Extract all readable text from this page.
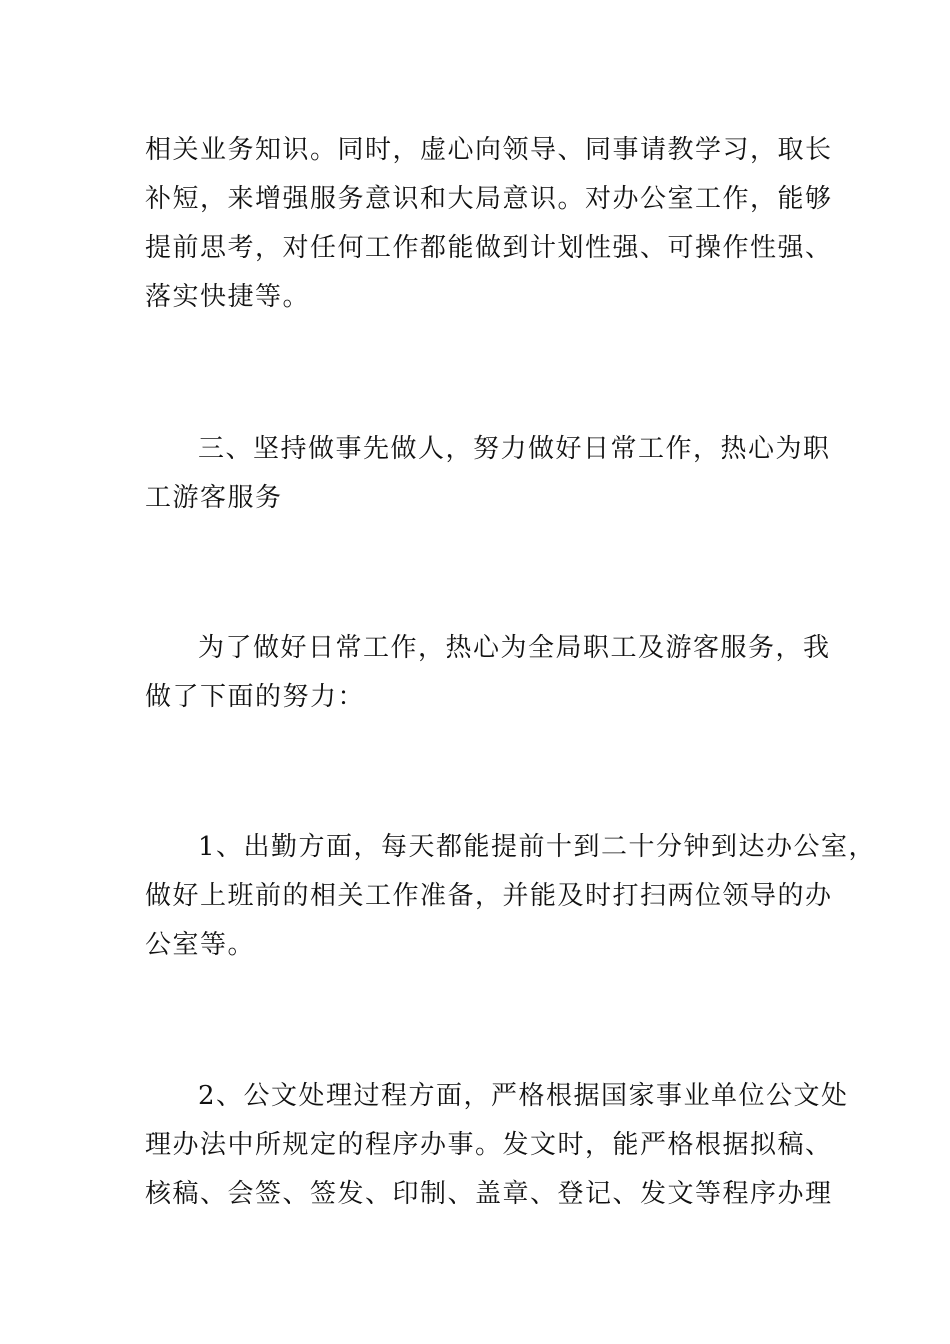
相关业务知识。同时，虚心向领导、同事请教学习，取长
补短，来增强服务意识和大局意识。对办公室工作，能够
提前思考，对任何工作都能做到计划性强、可操作性强、
落实快捷等。
三、坚持做事先做人，努力做好日常工作，热心为职
工游客服务
为了做好日常工作，热心为全局职工及游客服务，我
做了下面的努力：
1、出勤方面，每天都能提前十到二十分钟到达办公室，
做好上班前的相关工作准备，并能及时打扫两位领导的办
公室等。
2、公文处理过程方面，严格根据国家事业单位公文处
理办法中所规定的程序办事。发文时，能严格根据拟稿、
核稿、会签、签发、印制、盖章、登记、发文等程序办理
